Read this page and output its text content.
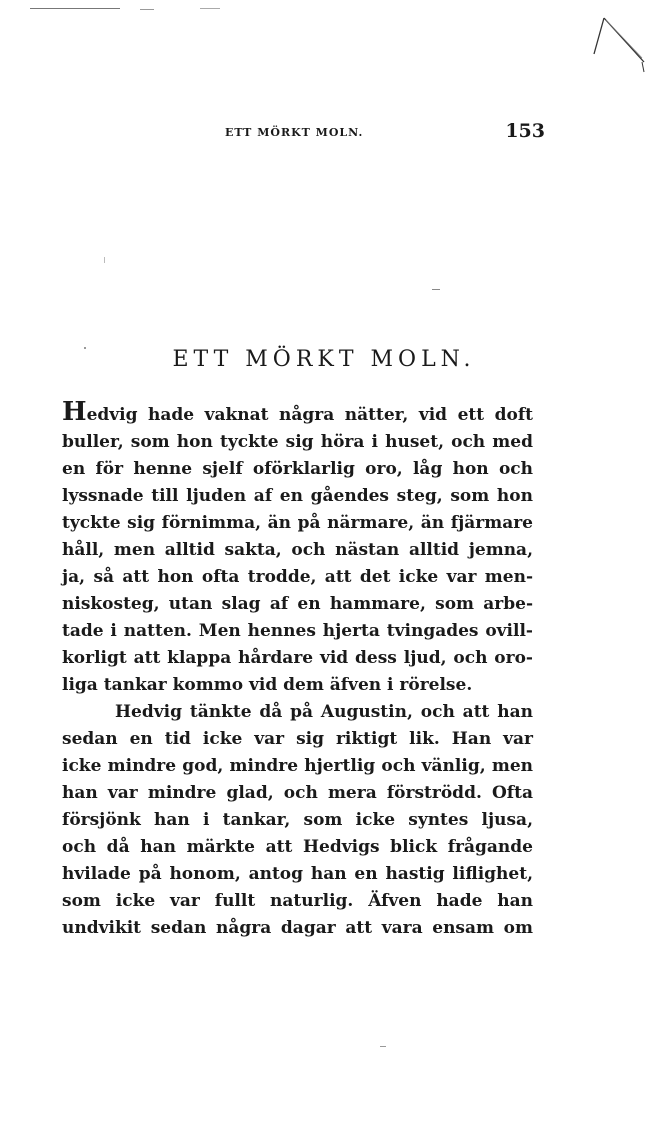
ETT MÖRKT MOLN.	153
ETT MÖRKT MOLN.
Hedvig hade vaknat några nätter, vid ett doft
buller, som hon tyckte sig höra i huset, och med
en för henne sjelf oförklarlig oro, låg hon och
lyssnade till ljuden af en gåendes steg, som hon
tyckte sig förnimma, än på närmare, än fjärmare
håll, men alltid sakta, och nästan alltid jemna,
ja, så att hon ofta trodde, att det icke var men-
niskosteg, utan slag af en hammare, som arbe-
tade i natten. Men hennes hjerta tvingades ovill-
korligt att klappa hårdare vid dess ljud, och oro-
liga tankar kommo vid dem äfven i rörelse.
Hedvig tänkte då på Augustin, och att han
sedan en tid icke var sig riktigt lik. Han var
icke mindre god, mindre hjertlig och vänlig, men
han var mindre glad, och mera förströdd. Ofta
försjönk han i tankar, som icke syntes ljusa,
och då han märkte att Hedvigs blick frågande
hvilade på honom, antog han en hastig liflighet,
som icke var fullt naturlig. Äfven hade han
undvikit sedan några dagar att vara ensam om
